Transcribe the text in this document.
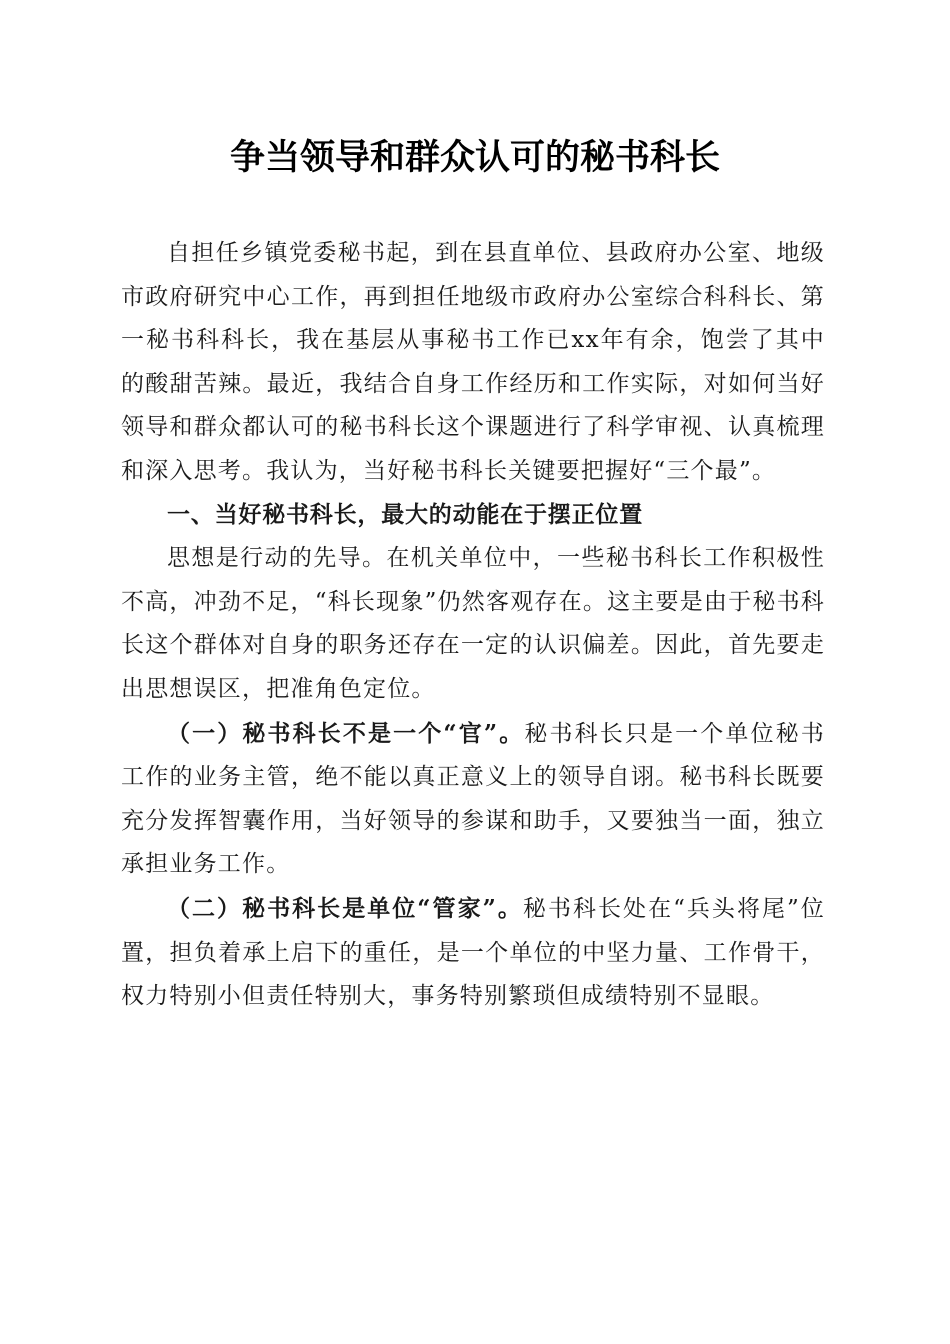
争当领导和群众认可的秘书科长

自担任乡镇党委秘书起，到在县直单位、县政府办公室、地级市政府研究中心工作，再到担任地级市政府办公室综合科科长、第一秘书科科长，我在基层从事秘书工作已xx年有余，饱尝了其中的酸甜苦辣。最近，我结合自身工作经历和工作实际，对如何当好领导和群众都认可的秘书科长这个课题进行了科学审视、认真梳理和深入思考。我认为，当好秘书科长关键要把握好“三个最”。

一、当好秘书科长，最大的动能在于摆正位置

思想是行动的先导。在机关单位中，一些秘书科长工作积极性不高，冲劲不足，“科长现象”仍然客观存在。这主要是由于秘书科长这个群体对自身的职务还存在一定的认识偏差。因此，首先要走出思想误区，把准角色定位。

（一）秘书科长不是一个“官”。秘书科长只是一个单位秘书工作的业务主管，绝不能以真正意义上的领导自诩。秘书科长既要充分发挥智囊作用，当好领导的参谋和助手，又要独当一面，独立承担业务工作。

（二）秘书科长是单位“管家”。秘书科长处在“兵头将尾”位置，担负着承上启下的重任，是一个单位的中坚力量、工作骨干，权力特别小但责任特别大，事务特别繁琐但成绩特别不显眼。
